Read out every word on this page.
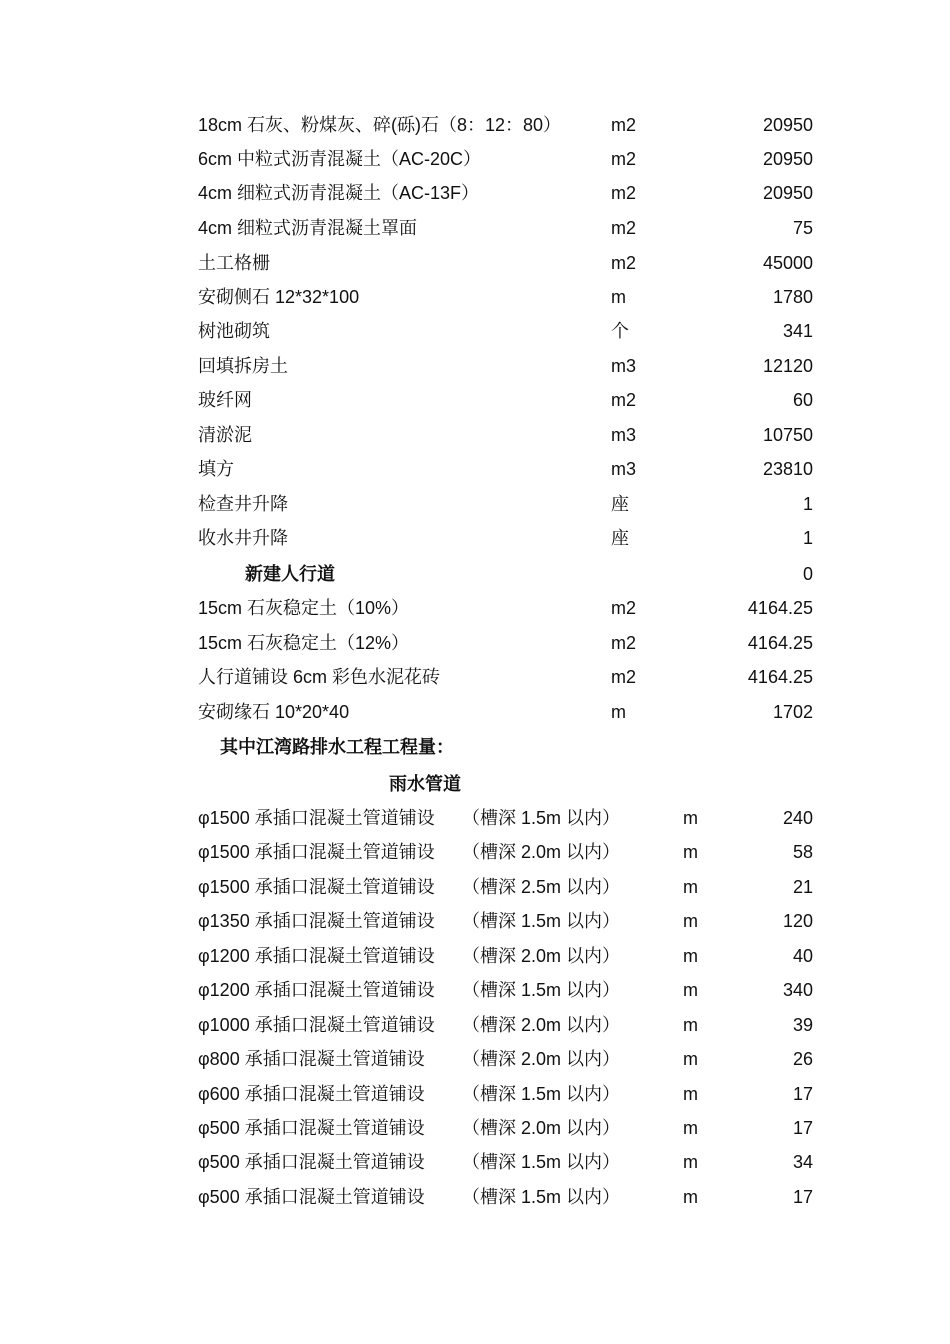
18cm 石灰、粉煤灰、碎(砾)石（8：12：80）	m2	20950
6cm 中粒式沥青混凝土（AC-20C）	m2	20950
4cm 细粒式沥青混凝土（AC-13F）	m2	20950
4cm 细粒式沥青混凝土罩面	m2	75
土工格栅	m2	45000
安砌侧石 12*32*100	m	1780
树池砌筑	个	341
回填拆房土	m3	12120
玻纤网	m2	60
清淤泥	m3	10750
填方	m3	23810
检查井升降	座	1
收水井升降	座	1
新建人行道	0
15cm 石灰稳定土（10%）	m2	4164.25
15cm 石灰稳定土（12%）	m2	4164.25
人行道铺设 6cm 彩色水泥花砖	m2	4164.25
安砌缘石 10*20*40	m	1702
其中江湾路排水工程工程量：
雨水管道
φ1500 承插口混凝土管道铺设 （槽深 1.5m 以内）	m	240
φ1500 承插口混凝土管道铺设 （槽深 2.0m 以内）	m	58
φ1500 承插口混凝土管道铺设 （槽深 2.5m 以内）	m	21
φ1350 承插口混凝土管道铺设 （槽深 1.5m 以内）	m	120
φ1200 承插口混凝土管道铺设 （槽深 2.0m 以内）	m	40
φ1200 承插口混凝土管道铺设 （槽深 1.5m 以内）	m	340
φ1000 承插口混凝土管道铺设 （槽深 2.0m 以内）	m	39
φ800 承插口混凝土管道铺设 （槽深 2.0m 以内）	m	26
φ600 承插口混凝土管道铺设 （槽深 1.5m 以内）	m	17
φ500 承插口混凝土管道铺设 （槽深 2.0m 以内）	m	17
φ500 承插口混凝土管道铺设 （槽深 1.5m 以内）	m	34
φ500 承插口混凝土管道铺设 （槽深 1.5m 以内）	m	17
